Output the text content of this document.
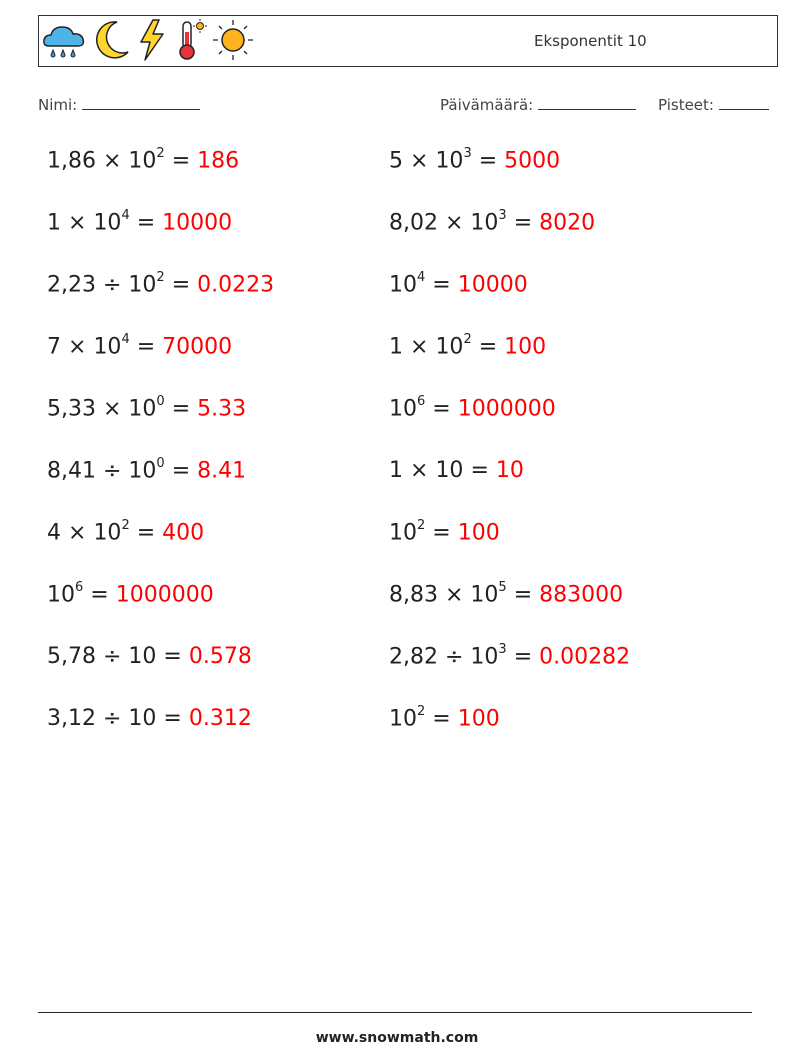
Eksponentit 10
Nimi:	Päivämäärä:	Pisteet:
$1,86 \times 10^2 = 186$
$1 \times 10^4 = 10000$
$2,23 \div 10^2 = 0.0223$
$7 \times 10^4 = 70000$
$5,33 \times 10^0 = 5.33$
$8,41 \div 10^0 = 8.41$
$4 \times 10^2 = 400$
$10^6 = 1000000$
5,78 ÷ 10 = 0.578
3,12 ÷ 10 = 0.312
$5 \times 10^3 = 5000$
$8,02 \times 10^3 = 8020$
$10^4 = 10000$
$1 \times 10^2 = 100$
$10^6 = 1000000$
1 × 10 = 10
$10^2 = 100$
$8,83 \times 10^5 = 883000$
$2,82 \div 10^3 = 0.00282$
$10^2 = 100$
www.snowmath.com
